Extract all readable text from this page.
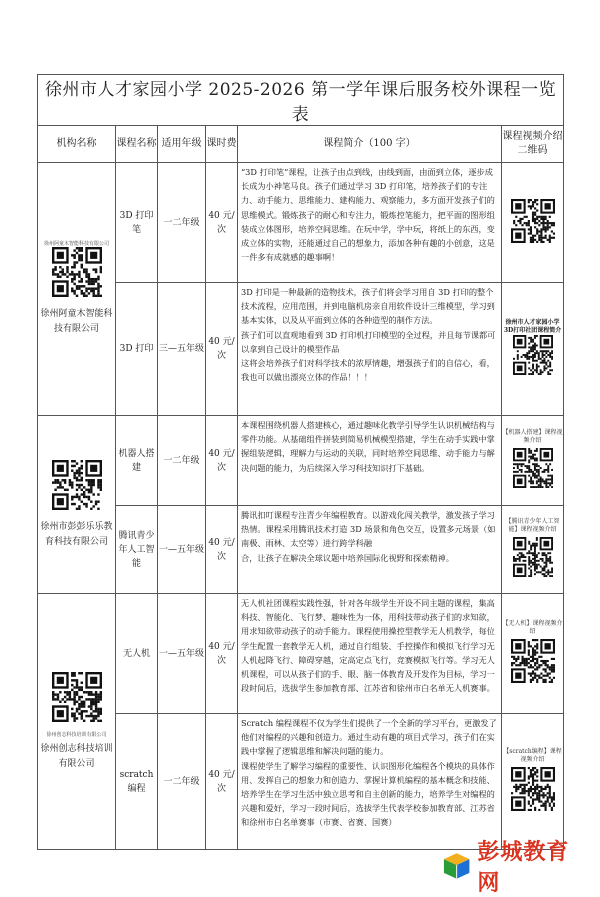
徐州市人才家园小学 2025-2026 第一学年课后服务校外课程一览表					
机构名称	课程名称	适用年级	课时费	课程简介（100 字）	课程视频介绍二维码

徐州阿童木智能科技有限公司
徐州阿童木智能科技有限公司	3D 打印笔	一二年级	40 元/次	“3D 打印笔”课程，让孩子由点到线，由线到面，由面到立体，逐步成长成为小神笔马良。孩子们通过学习 3D 打印笔，培养孩子们的专注力、动手能力、思维能力、建构能力、观察能力，多方面开发孩子们的思维模式。锻炼孩子的耐心和专注力，锻炼控笔能力，把平面的图形组装成立体图形，培养空间思维。在玩中学，学中玩，将纸上的东西，变成立体的实物，还能通过自己的想象力，添加各种有趣的小创意，这是一件多有成就感的趣事啊！

	3D 打印	三—五年级	40 元/次	3D 打印是一种最新的造物技术，孩子们将会学习用自 3D 打印的整个技术流程，应用范围，并到电脑机房亲自用软件设计三维模型，学习到基本实体，以及从平面到立体的各种造型的制作方法。

孩子们可以直观地看到 3D 打印机打印模型的全过程，并且每节课都可以拿到自己设计的模型作品

这将会培养孩子们对科学技术的浓厚情趣，增强孩子们的自信心，看，我也可以做出漂亮立体的作品！！！	徐州市人才家园小学 3D打印社团课程简介

徐州市彭彭乐乐教育科技有限公司	机器人搭建	一二年级	40 元/次	本课程围绕机器人搭建核心，通过趣味化教学引导学生认识机械结构与零件功能。从基础组件拼装到简易机械模型搭建，学生在动手实践中掌握组装逻辑，理解力与运动的关联，同时培养空间思维、动手能力与解决问题的能力，为后续深入学习科技知识打下基础。	【机器人搭建】课程视频介绍

	腾讯青少年人工智能	一—五年级	40 元/次	腾讯扣叮课程专注青少年编程教育。以游戏化闯关教学，激发孩子学习热情。课程采用腾讯技术打造 3D 场景和角色交互，设置多元场景（如南极、雨林、太空等）进行跨学科融

合，让孩子在解决全球议题中培养国际化视野和探索精神。	【腾讯青少年人工智能】课程视频介绍

徐州创志科技培训有限公司
徐州创志科技培训有限公司	无人机	一—五年级	40 元/次	无人机社团课程实践性强，针对各年级学生开设不同主题的课程，集高科技、智能化、飞行梦、趣味性为一体，用科技带动孩子们的求知欲，用求知欲带动孩子的动手能力。课程使用操控型教学无人机教学，每位学生配置一套教学无人机，通过自行组装、手控操作和模拟飞行学习无人机起降飞行、障碍穿越，定高定点飞行，竞赛模拟飞行等。学习无人机课程，可以从孩子们的手、眼、脑一体教育及开发作为目标，学习一段时间后，选拔学生参加教育部、江苏省和徐州市白名单无人机赛事。	【无人机】课程视频介绍

	scratch 编程	一二年级	40 元/次	Scratch 编程课程不仅为学生们提供了一个全新的学习平台，更激发了他们对编程的兴趣和创造力。通过生动有趣的项目式学习，孩子们在实践中掌握了逻辑思维和解决问题的能力。

课程使学生了解学习编程的重要性、认识图形化编程各个模块的具体作用、发挥自己的想象力和创造力、掌握计算机编程的基本概念和技能、培养学生在学习生活中独立思考和自主创新的能力，培养学生对编程的兴趣和爱好，学习一段时间后，选拔学生代表学校参加教育部、江苏省和徐州市白名单赛事（市赛、省赛、国赛）	【scratch编程】课程视频介绍
彭城教育网
